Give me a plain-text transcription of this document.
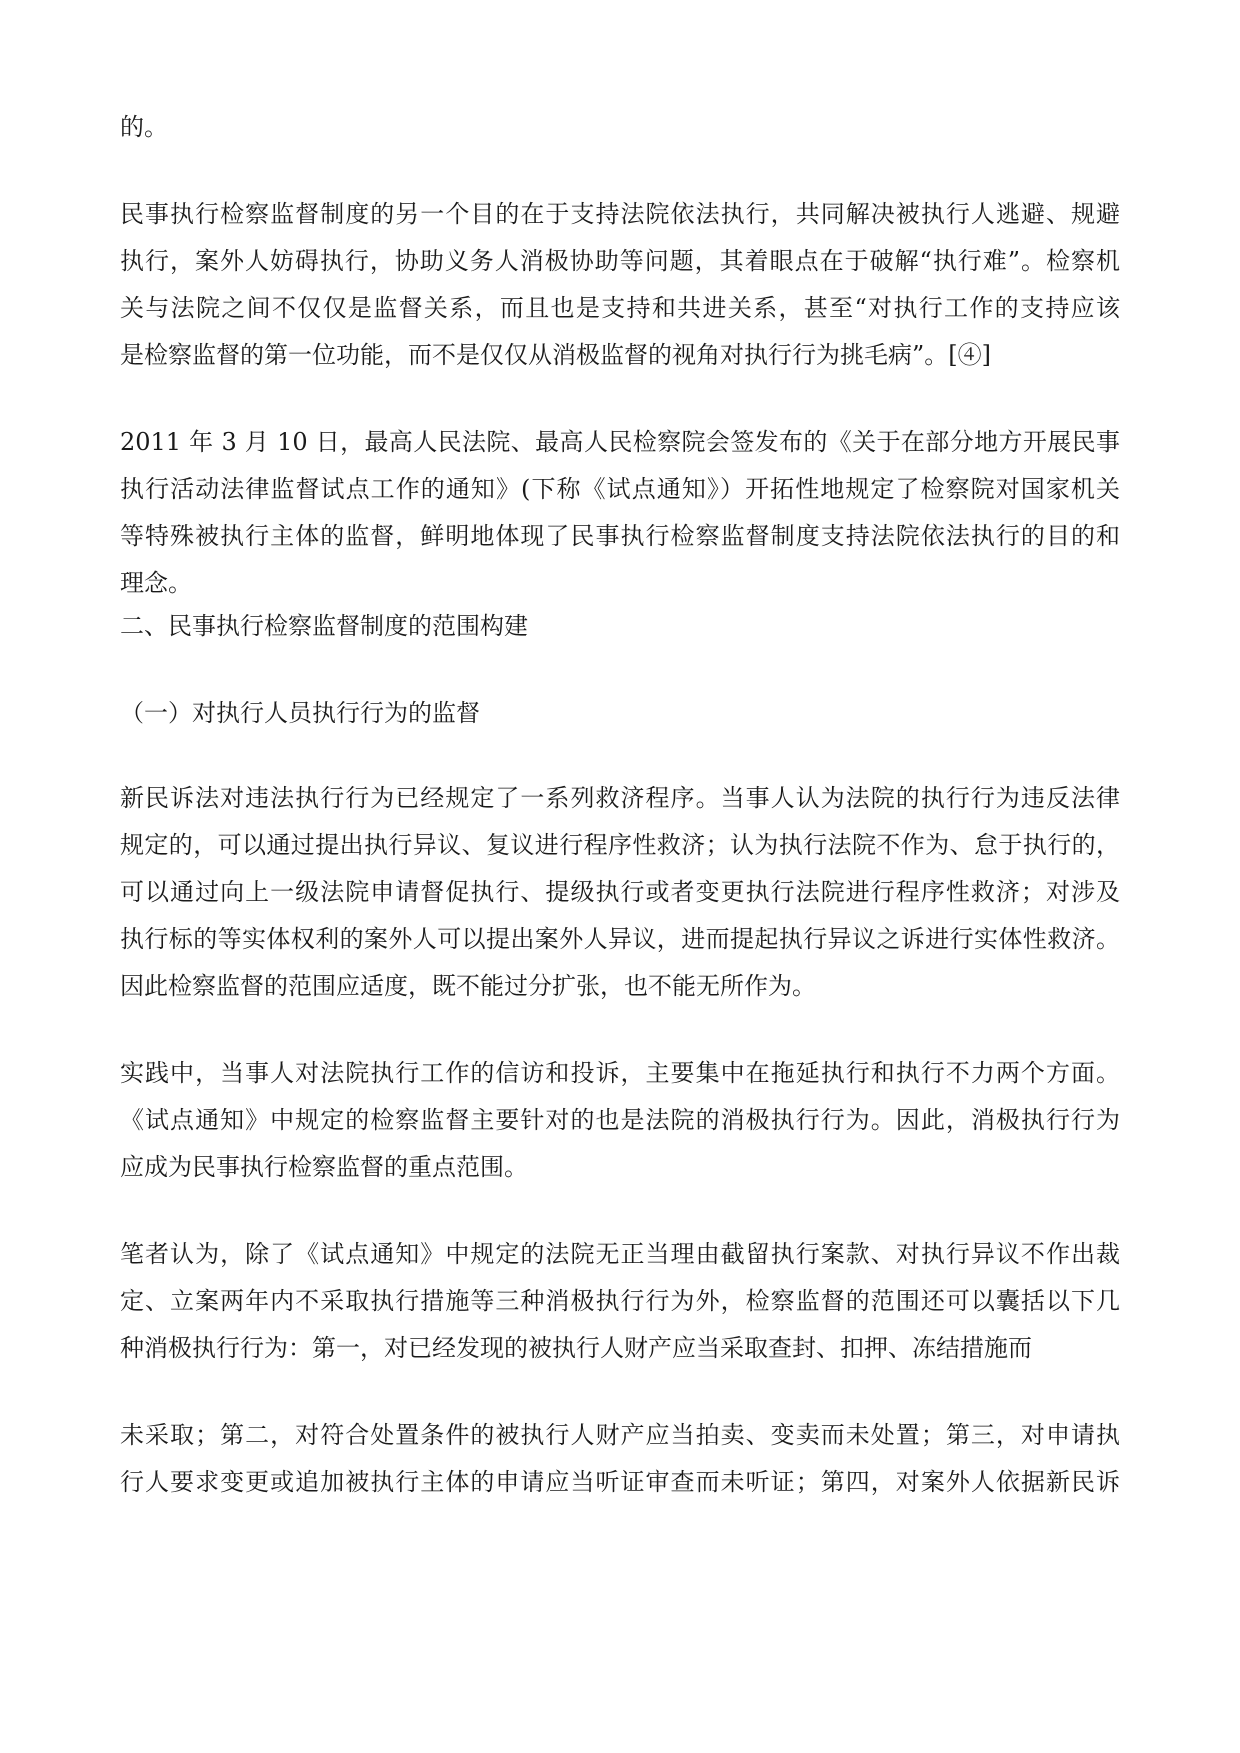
的。
民事执行检察监督制度的另一个目的在于支持法院依法执行，共同解决被执行人逃避、规避
执行，案外人妨碍执行，协助义务人消极协助等问题，其着眼点在于破解“执行难”。检察机
关与法院之间不仅仅是监督关系，而且也是支持和共进关系，甚至“对执行工作的支持应该
是检察监督的第一位功能，而不是仅仅从消极监督的视角对执行行为挑毛病”。[④]
2011 年 3 月 10 日，最高人民法院、最高人民检察院会签发布的《关于在部分地方开展民事
执行活动法律监督试点工作的通知》(下称《试点通知》）开拓性地规定了检察院对国家机关
等特殊被执行主体的监督，鲜明地体现了民事执行检察监督制度支持法院依法执行的目的和
理念。
二、民事执行检察监督制度的范围构建
（一）对执行人员执行行为的监督
新民诉法对违法执行行为已经规定了一系列救济程序。当事人认为法院的执行行为违反法律
规定的，可以通过提出执行异议、复议进行程序性救济；认为执行法院不作为、怠于执行的，
可以通过向上一级法院申请督促执行、提级执行或者变更执行法院进行程序性救济；对涉及
执行标的等实体权利的案外人可以提出案外人异议，进而提起执行异议之诉进行实体性救济。
因此检察监督的范围应适度，既不能过分扩张，也不能无所作为。
实践中，当事人对法院执行工作的信访和投诉，主要集中在拖延执行和执行不力两个方面。
《试点通知》中规定的检察监督主要针对的也是法院的消极执行行为。因此，消极执行行为
应成为民事执行检察监督的重点范围。
笔者认为，除了《试点通知》中规定的法院无正当理由截留执行案款、对执行异议不作出裁
定、立案两年内不采取执行措施等三种消极执行行为外，检察监督的范围还可以囊括以下几
种消极执行行为：第一，对已经发现的被执行人财产应当采取查封、扣押、冻结措施而
未采取；第二，对符合处置条件的被执行人财产应当拍卖、变卖而未处置；第三，对申请执
行人要求变更或追加被执行主体的申请应当听证审查而未听证；第四，对案外人依据新民诉
